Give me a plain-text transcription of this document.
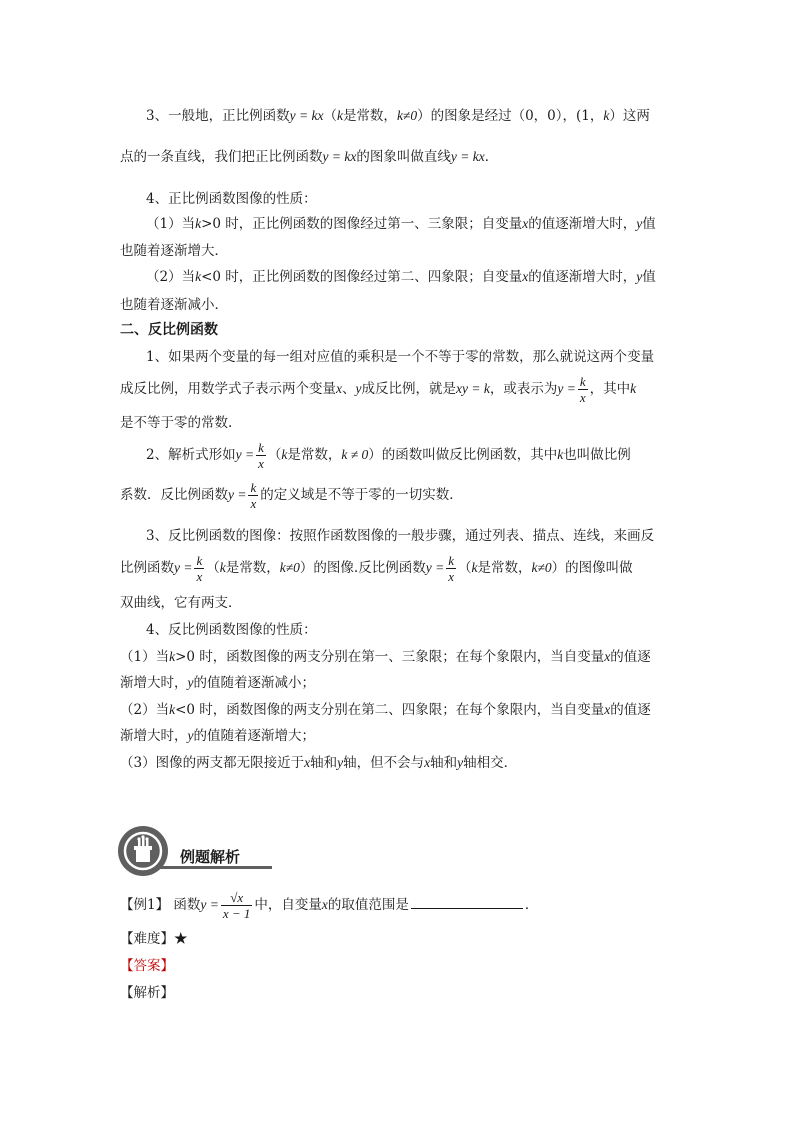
3、一般地，正比例函数y = kx（k是常数，k≠0）的图象是经过（0，0），(1，k）这两
点的一条直线，我们把正比例函数y = kx的图象叫做直线y = kx．
4、正比例函数图像的性质：
（1）当k>0 时，正比例函数的图像经过第一、三象限；自变量x的值逐渐增大时，y值
也随着逐渐增大．
（2）当k<0 时，正比例函数的图像经过第二、四象限；自变量x的值逐渐增大时，y值
也随着逐渐减小．
二、反比例函数
1、如果两个变量的每一组对应值的乘积是一个不等于零的常数，那么就说这两个变量
成反比例，用数学式子表示两个变量x、y成反比例，就是xy = k，或表示为$y = \frac{k}{x}$ ，其中k
是不等于零的常数.
2、解析式形如$y = \frac{k}{x} (k$是常数，k ≠ 0）的函数叫做反比例函数，其中k也叫做比例
系数．反比例函数$y = \frac{k}{x}$ 的定义域是不等于零的一切实数．
3、反比例函数的图像：按照作函数图像的一般步骤，通过列表、描点、连线，来画反
比例函数$y = \frac{k}{x} (k$是常数，k≠0）的图像.反比例函数$y = \frac{k}{x} (k$是常数，k≠0）的图像叫做
双曲线，它有两支．
4、反比例函数图像的性质：
（1）当k>0 时，函数图像的两支分别在第一、三象限；在每个象限内，当自变量x的值逐
渐增大时，y的值随着逐渐减小；
（2）当k<0 时，函数图像的两支分别在第二、四象限；在每个象限内，当自变量x的值逐
渐增大时，y的值随着逐渐增大；
（3）图像的两支都无限接近于x轴和y轴，但不会与x轴和y轴相交．
例题解析
【例1】 函数$y = \frac{√x}{x - 1}$ 中，自变量x的取值范围是	．
【难度】★
【答案】
【解析】
